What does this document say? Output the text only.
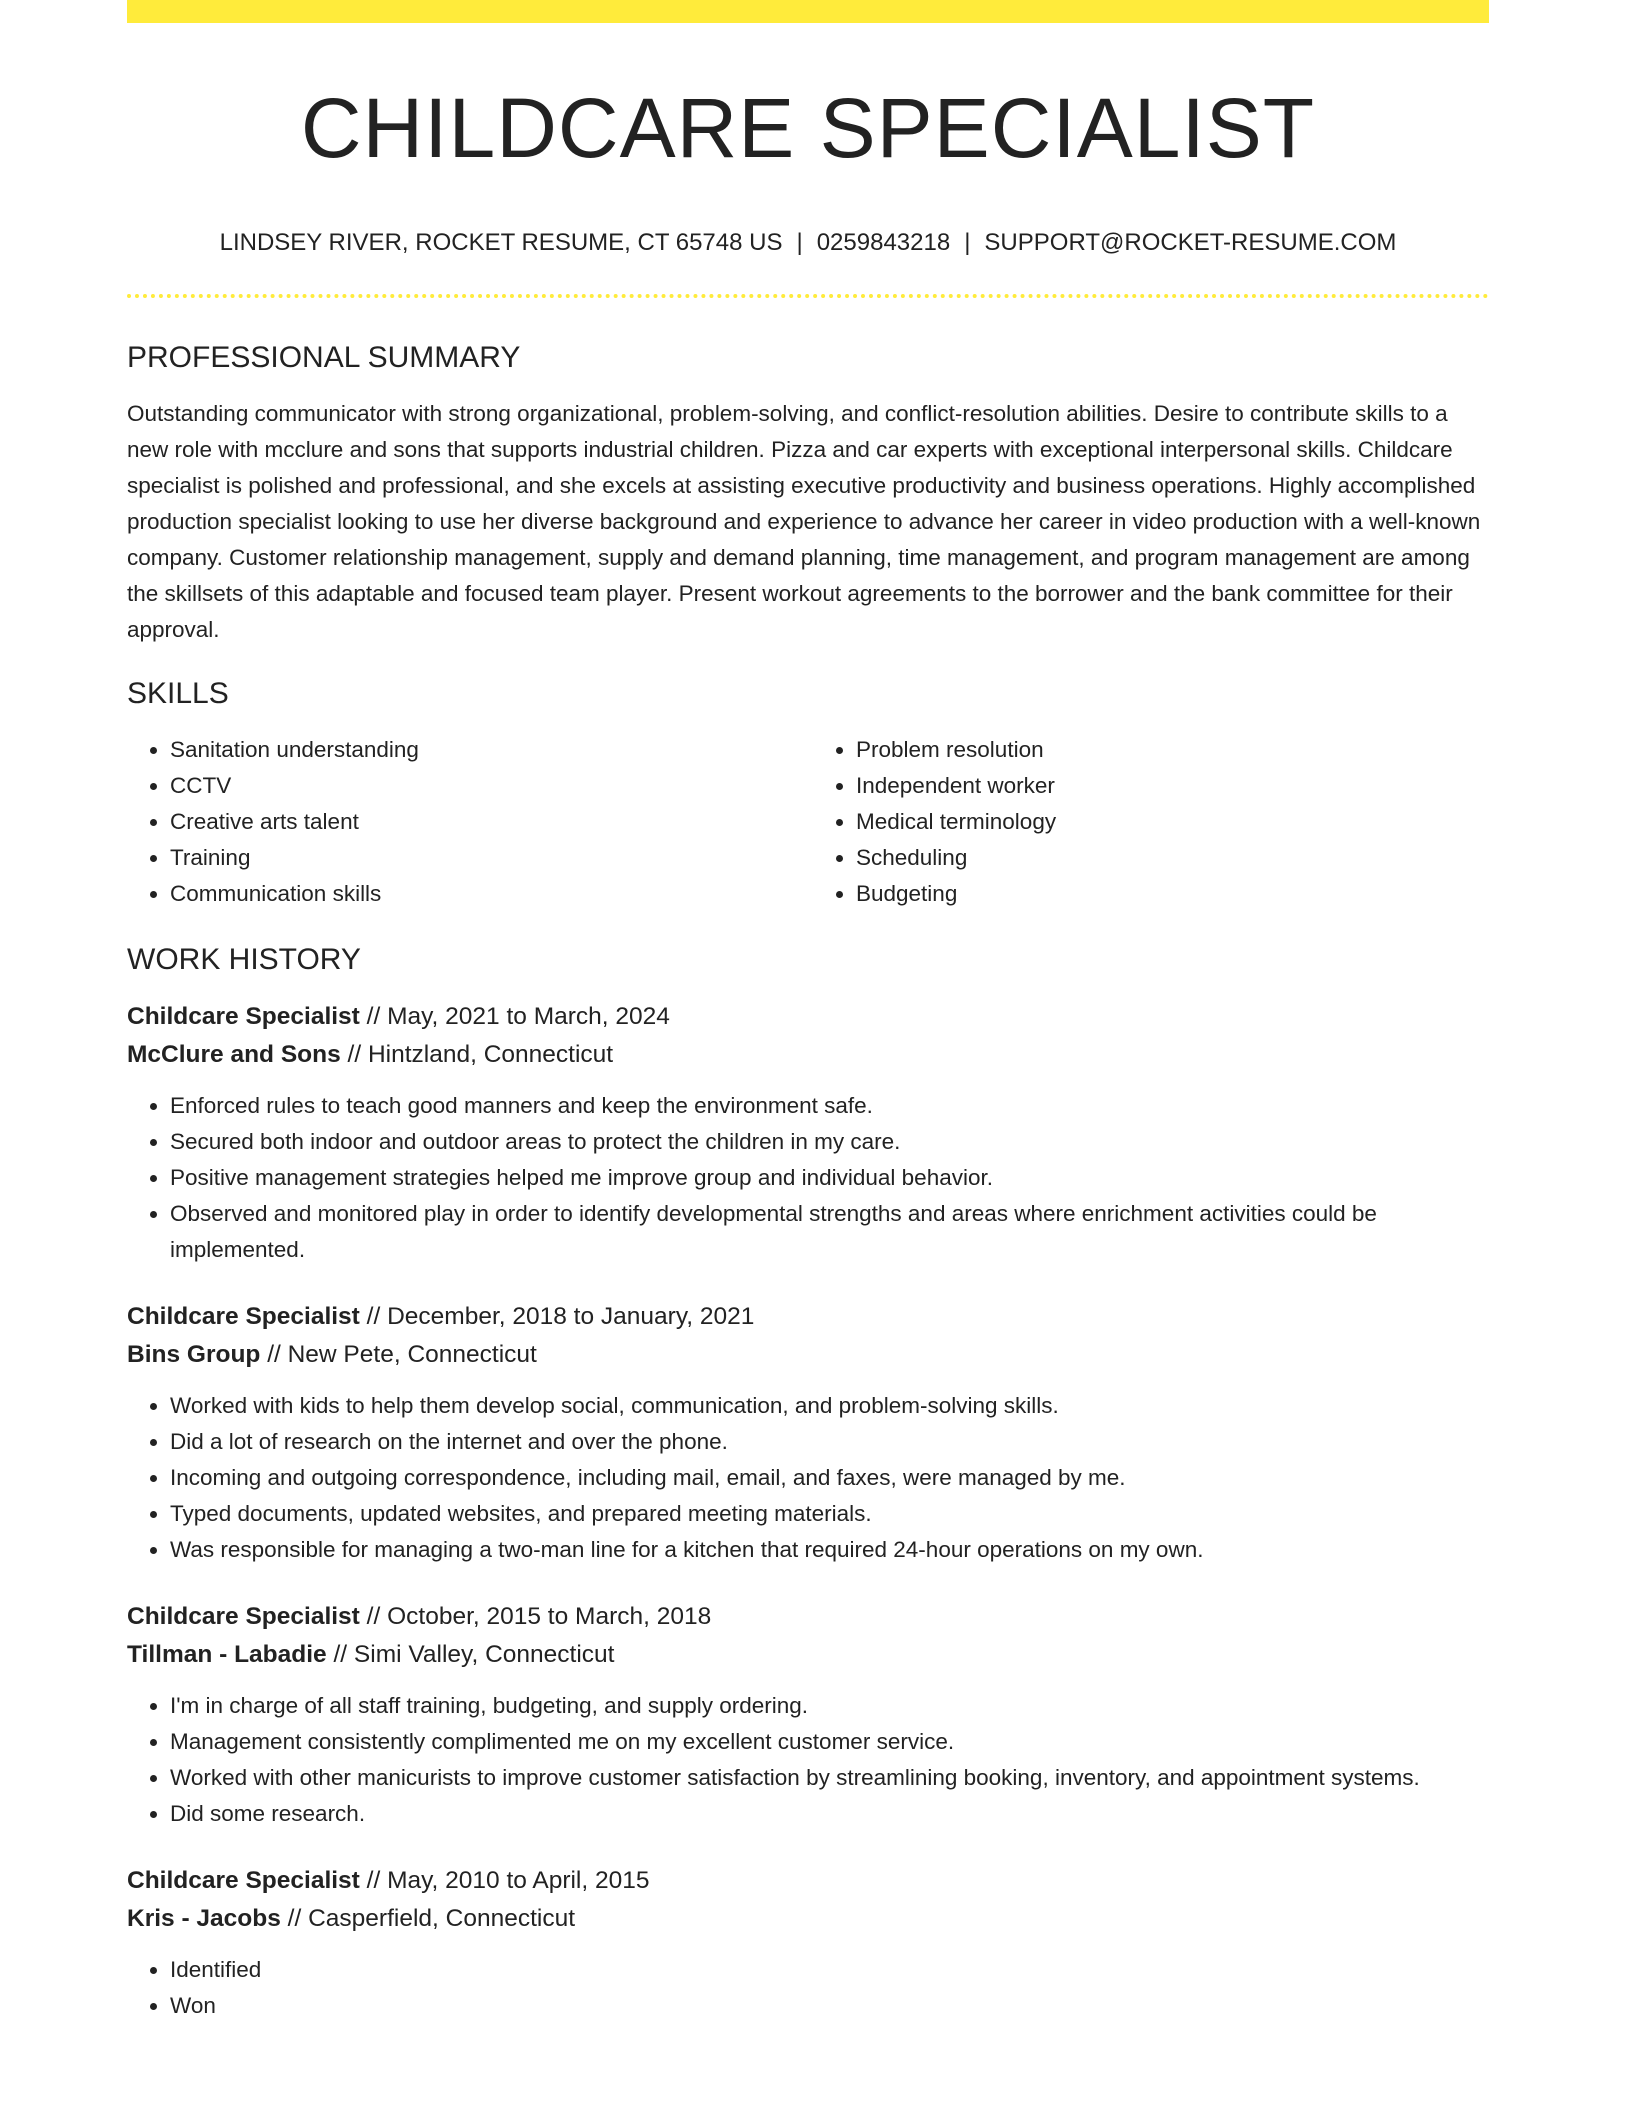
CHILDCARE SPECIALIST
LINDSEY RIVER, ROCKET RESUME, CT 65748 US | 0259843218 | SUPPORT@ROCKET-RESUME.COM
PROFESSIONAL SUMMARY
Outstanding communicator with strong organizational, problem-solving, and conflict-resolution abilities. Desire to contribute skills to a new role with mcclure and sons that supports industrial children. Pizza and car experts with exceptional interpersonal skills. Childcare specialist is polished and professional, and she excels at assisting executive productivity and business operations. Highly accomplished production specialist looking to use her diverse background and experience to advance her career in video production with a well-known company. Customer relationship management, supply and demand planning, time management, and program management are among the skillsets of this adaptable and focused team player. Present workout agreements to the borrower and the bank committee for their approval.
SKILLS
• Sanitation understanding
• CCTV
• Creative arts talent
• Training
• Communication skills
• Problem resolution
• Independent worker
• Medical terminology
• Scheduling
• Budgeting
WORK HISTORY
Childcare Specialist // May, 2021 to March, 2024
McClure and Sons // Hintzland, Connecticut
• Enforced rules to teach good manners and keep the environment safe.
• Secured both indoor and outdoor areas to protect the children in my care.
• Positive management strategies helped me improve group and individual behavior.
• Observed and monitored play in order to identify developmental strengths and areas where enrichment activities could be implemented.
Childcare Specialist // December, 2018 to January, 2021
Bins Group // New Pete, Connecticut
• Worked with kids to help them develop social, communication, and problem-solving skills.
• Did a lot of research on the internet and over the phone.
• Incoming and outgoing correspondence, including mail, email, and faxes, were managed by me.
• Typed documents, updated websites, and prepared meeting materials.
• Was responsible for managing a two-man line for a kitchen that required 24-hour operations on my own.
Childcare Specialist // October, 2015 to March, 2018
Tillman - Labadie // Simi Valley, Connecticut
• I'm in charge of all staff training, budgeting, and supply ordering.
• Management consistently complimented me on my excellent customer service.
• Worked with other manicurists to improve customer satisfaction by streamlining booking, inventory, and appointment systems.
• Did some research.
Childcare Specialist // May, 2010 to April, 2015
Kris - Jacobs // Casperfield, Connecticut
• Identified
• Won
